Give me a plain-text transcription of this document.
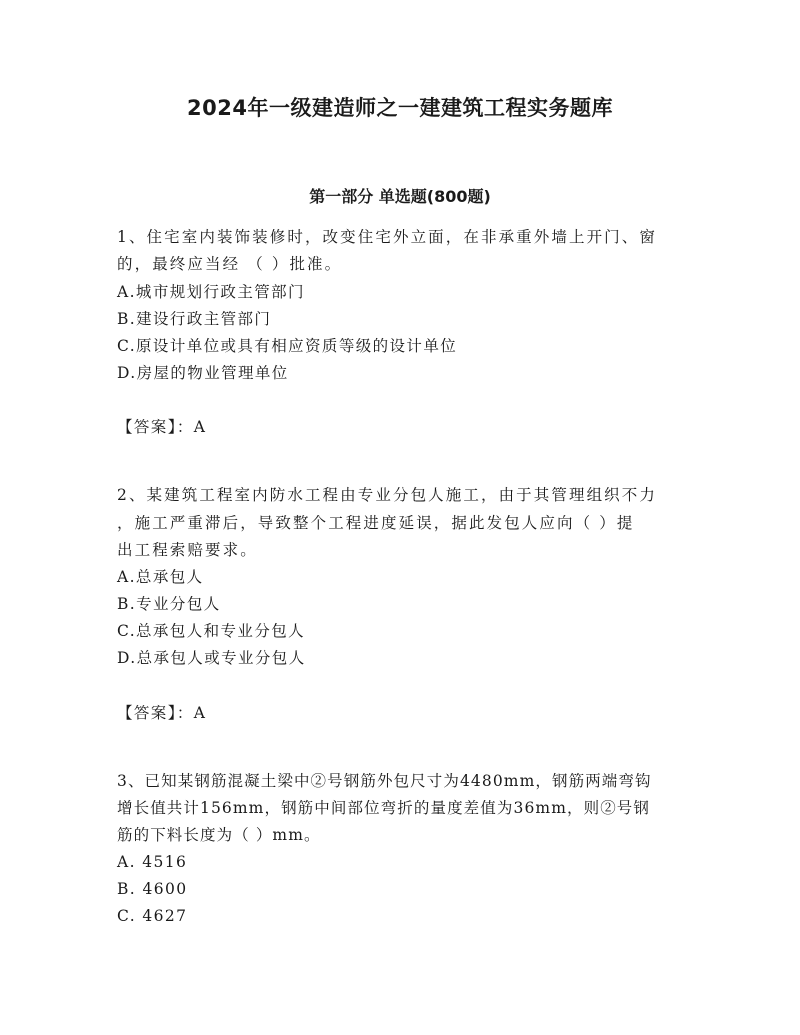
2024年一级建造师之一建建筑工程实务题库
第一部分 单选题(800题)
1、住宅室内装饰装修时，改变住宅外立面，在非承重外墙上开门、窗
的，最终应当经 （ ）批准。
A.城市规划行政主管部门
B.建设行政主管部门
C.原设计单位或具有相应资质等级的设计单位
D.房屋的物业管理单位
【答案】：A
2、某建筑工程室内防水工程由专业分包人施工，由于其管理组织不力
，施工严重滞后，导致整个工程进度延误，据此发包人应向（ ）提
出工程索赔要求。
A.总承包人
B.专业分包人
C.总承包人和专业分包人
D.总承包人或专业分包人
【答案】：A
3、已知某钢筋混凝土梁中②号钢筋外包尺寸为4480mm，钢筋两端弯钩
增长值共计156mm，钢筋中间部位弯折的量度差值为36mm，则②号钢
筋的下料长度为（ ）mm。
A. 4516
B. 4600
C. 4627
